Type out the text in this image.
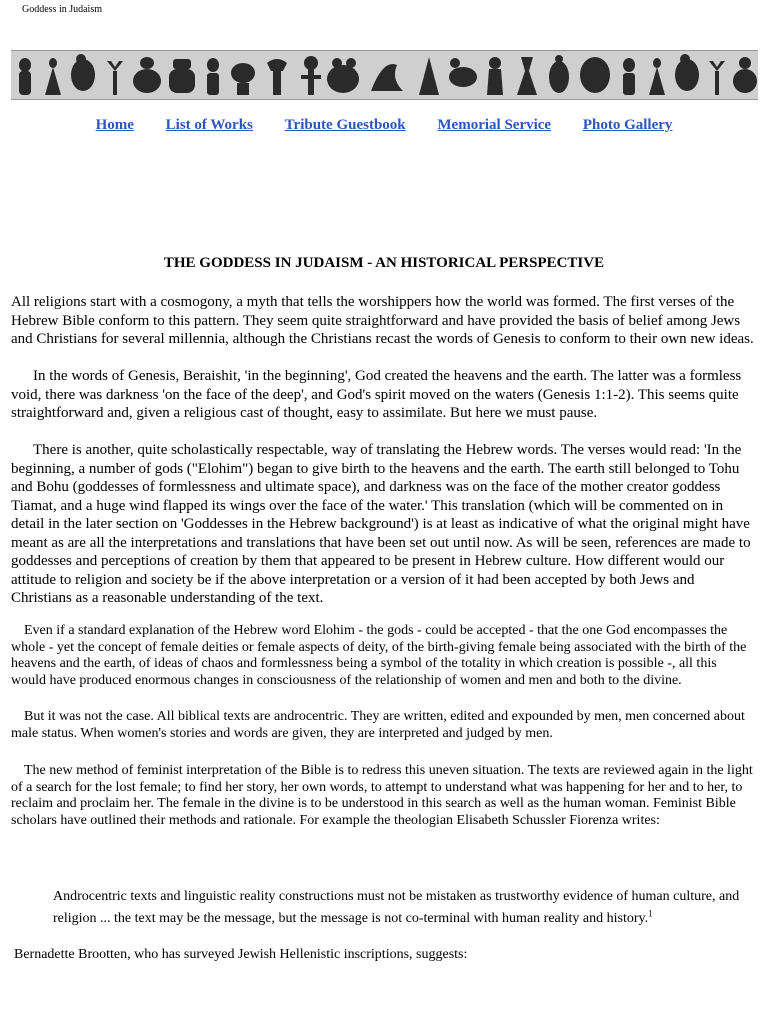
Goddess in Judaism
Home List of Works Tribute Guestbook Memorial Service Photo Gallery
THE GODDESS IN JUDAISM - AN HISTORICAL PERSPECTIVE

All religions start with a cosmogony, a myth that tells the worshippers how the world was formed. The first verses of the Hebrew Bible conform to this pattern. They seem quite straightforward and have provided the basis of belief among Jews and Christians for several millennia, although the Christians recast the words of Genesis to conform to their own new ideas.

In the words of Genesis, Beraishit, 'in the beginning', God created the heavens and the earth. The latter was a formless void, there was darkness 'on the face of the deep', and God's spirit moved on the waters (Genesis 1:1-2). This seems quite straightforward and, given a religious cast of thought, easy to assimilate. But here we must pause.

There is another, quite scholastically respectable, way of translating the Hebrew words. The verses would read: 'In the beginning, a number of gods ("Elohim") began to give birth to the heavens and the earth. The earth still belonged to Tohu and Bohu (goddesses of formlessness and ultimate space), and darkness was on the face of the mother creator goddess Tiamat, and a huge wind flapped its wings over the face of the water.' This translation (which will be commented on in detail in the later section on 'Goddesses in the Hebrew background') is at least as indicative of what the original might have meant as are all the interpretations and translations that have been set out until now. As will be seen, references are made to goddesses and perceptions of creation by them that appeared to be present in Hebrew culture. How different would our attitude to religion and society be if the above interpretation or a version of it had been accepted by both Jews and Christians as a reasonable understanding of the text.

Even if a standard explanation of the Hebrew word Elohim - the gods - could be accepted - that the one God encompasses the whole - yet the concept of female deities or female aspects of deity, of the birth-giving female being associated with the birth of the heavens and the earth, of ideas of chaos and formlessness being a symbol of the totality in which creation is possible -, all this would have produced enormous changes in consciousness of the relationship of women and men and both to the divine.

But it was not the case. All biblical texts are androcentric. They are written, edited and expounded by men, men concerned about male status. When women's stories and words are given, they are interpreted and judged by men.

The new method of feminist interpretation of the Bible is to redress this uneven situation. The texts are reviewed again in the light of a search for the lost female; to find her story, her own words, to attempt to understand what was happening for her and to her, to reclaim and proclaim her. The female in the divine is to be understood in this search as well as the human woman. Feminist Bible scholars have outlined their methods and rationale. For example the theologian Elisabeth Schussler Fiorenza writes:

Androcentric texts and linguistic reality constructions must not be mistaken as trustworthy evidence of human culture, and religion ... the text may be the message, but the message is not co-terminal with human reality and history.$^1$

Bernadette Brootten, who has surveyed Jewish Hellenistic inscriptions, suggests:
